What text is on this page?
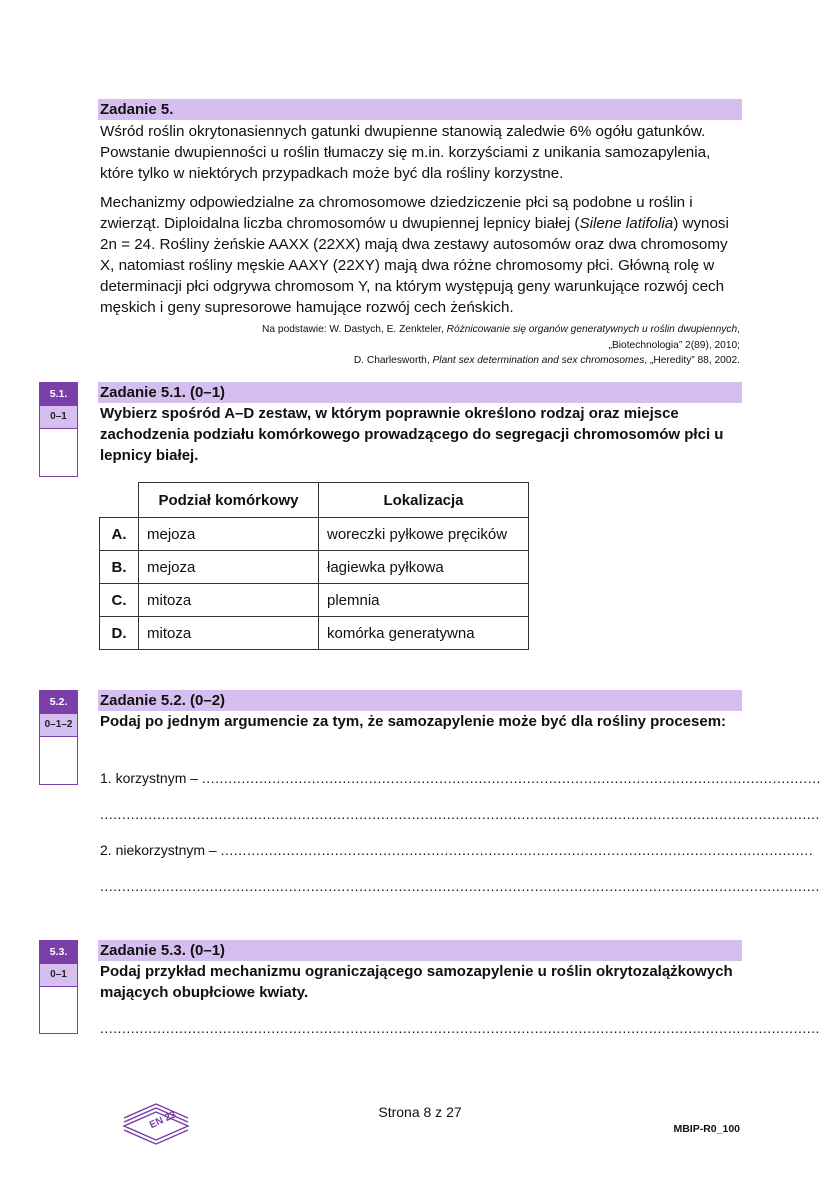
Zadanie 5.

Wśród roślin okrytonasiennych gatunki dwupienne stanowią zaledwie 6% ogółu gatunków. Powstanie dwupienności u roślin tłumaczy się m.in. korzyściami z unikania samozapylenia, które tylko w niektórych przypadkach może być dla rośliny korzystne.

Mechanizmy odpowiedzialne za chromosomowe dziedziczenie płci są podobne u roślin i zwierząt. Diploidalna liczba chromosomów u dwupiennej lepnicy białej (Silene latifolia) wynosi 2n = 24. Rośliny żeńskie AAXX (22XX) mają dwa zestawy autosomów oraz dwa chromosomy X, natomiast rośliny męskie AAXY (22XY) mają dwa różne chromosomy płci. Główną rolę w determinacji płci odgrywa chromosom Y, na którym występują geny warunkujące rozwój cech męskich i geny supresorowe hamujące rozwój cech żeńskich.

Na podstawie: W. Dastych, E. Zenkteler, Różnicowanie się organów generatywnych u roślin dwupiennych,
„Biotechnologia” 2(89), 2010;
D. Charlesworth, Plant sex determination and sex chromosomes, „Heredity” 88, 2002.
5.1.
0–1
Zadanie 5.1. (0–1)
Wybierz spośród A–D zestaw, w którym poprawnie określono rodzaj oraz miejsce zachodzenia podziału komórkowego prowadzącego do segregacji chromosomów płci u lepnicy białej.
	Podział komórkowy	Lokalizacja
A.	mejoza	woreczki pyłkowe pręcików
B.	mejoza	łagiewka pyłkowa
C.	mitoza	plemnia
D.	mitoza	komórka generatywna
5.2.
0–1–2
Zadanie 5.2. (0–2)
Podaj po jednym argumencie za tym, że samozapylenie może być dla rośliny procesem:
1. korzystnym – .............................................................................................................................................
....................................................................................................................................................................
2. niekorzystnym – .......................................................................................................................................
....................................................................................................................................................................
5.3.
0–1
Zadanie 5.3. (0–1)
Podaj przykład mechanizmu ograniczającego samozapylenie u roślin okrytozalążkowych mających obupłciowe kwiaty.
....................................................................................................................................................................
EN 23	Strona 8 z 27
MBIP-R0_100
